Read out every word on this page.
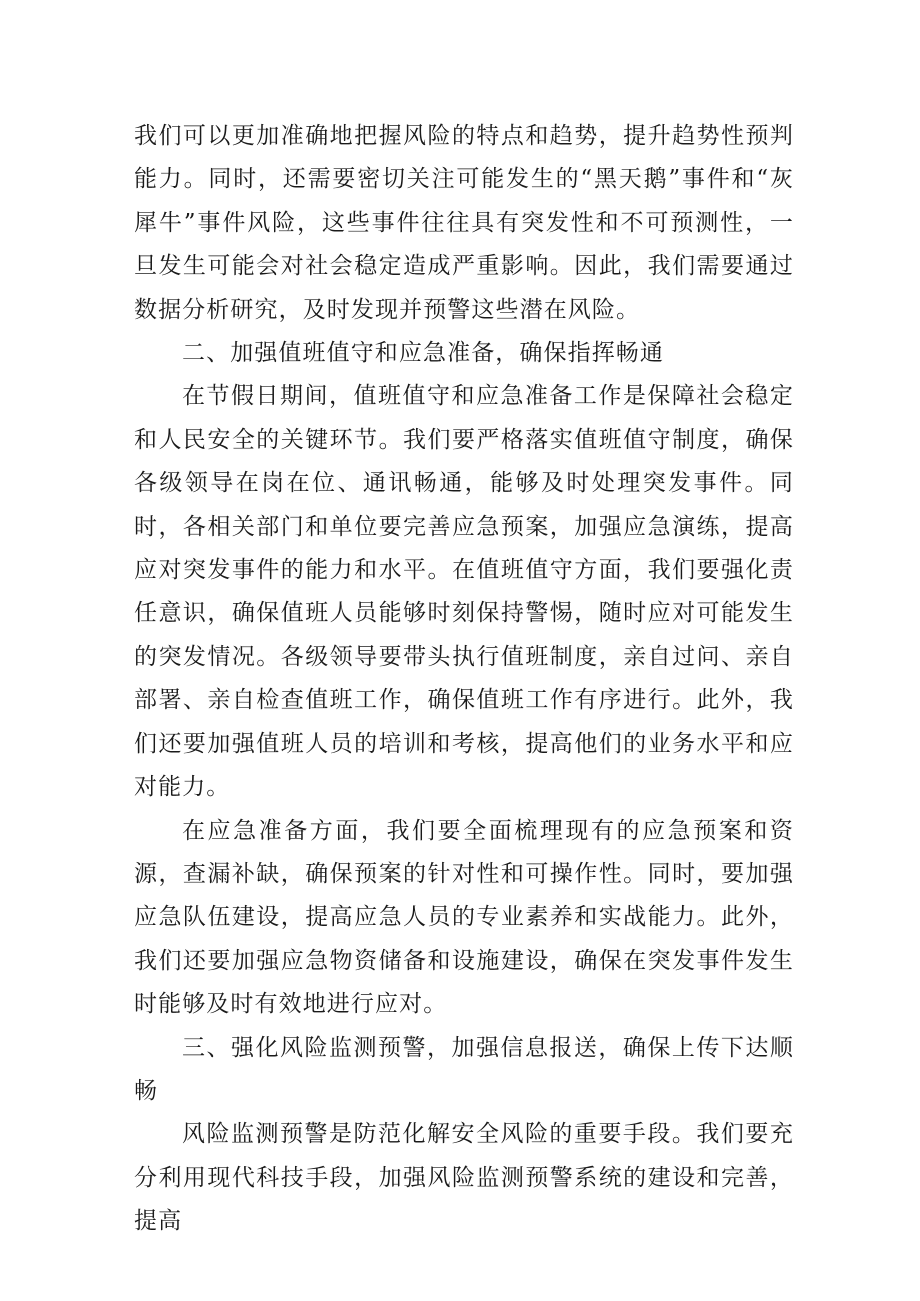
我们可以更加准确地把握风险的特点和趋势，提升趋势性预判能力。同时，还需要密切关注可能发生的“黑天鹅”事件和“灰犀牛”事件风险，这些事件往往具有突发性和不可预测性，一旦发生可能会对社会稳定造成严重影响。因此，我们需要通过数据分析研究，及时发现并预警这些潜在风险。

二、加强值班值守和应急准备，确保指挥畅通

在节假日期间，值班值守和应急准备工作是保障社会稳定和人民安全的关键环节。我们要严格落实值班值守制度，确保各级领导在岗在位、通讯畅通，能够及时处理突发事件。同时，各相关部门和单位要完善应急预案，加强应急演练，提高应对突发事件的能力和水平。在值班值守方面，我们要强化责任意识，确保值班人员能够时刻保持警惕，随时应对可能发生的突发情况。各级领导要带头执行值班制度，亲自过问、亲自部署、亲自检查值班工作，确保值班工作有序进行。此外，我们还要加强值班人员的培训和考核，提高他们的业务水平和应对能力。

在应急准备方面，我们要全面梳理现有的应急预案和资源，查漏补缺，确保预案的针对性和可操作性。同时，要加强应急队伍建设，提高应急人员的专业素养和实战能力。此外，我们还要加强应急物资储备和设施建设，确保在突发事件发生时能够及时有效地进行应对。

三、强化风险监测预警，加强信息报送，确保上传下达顺畅

风险监测预警是防范化解安全风险的重要手段。我们要充分利用现代科技手段，加强风险监测预警系统的建设和完善，提高
